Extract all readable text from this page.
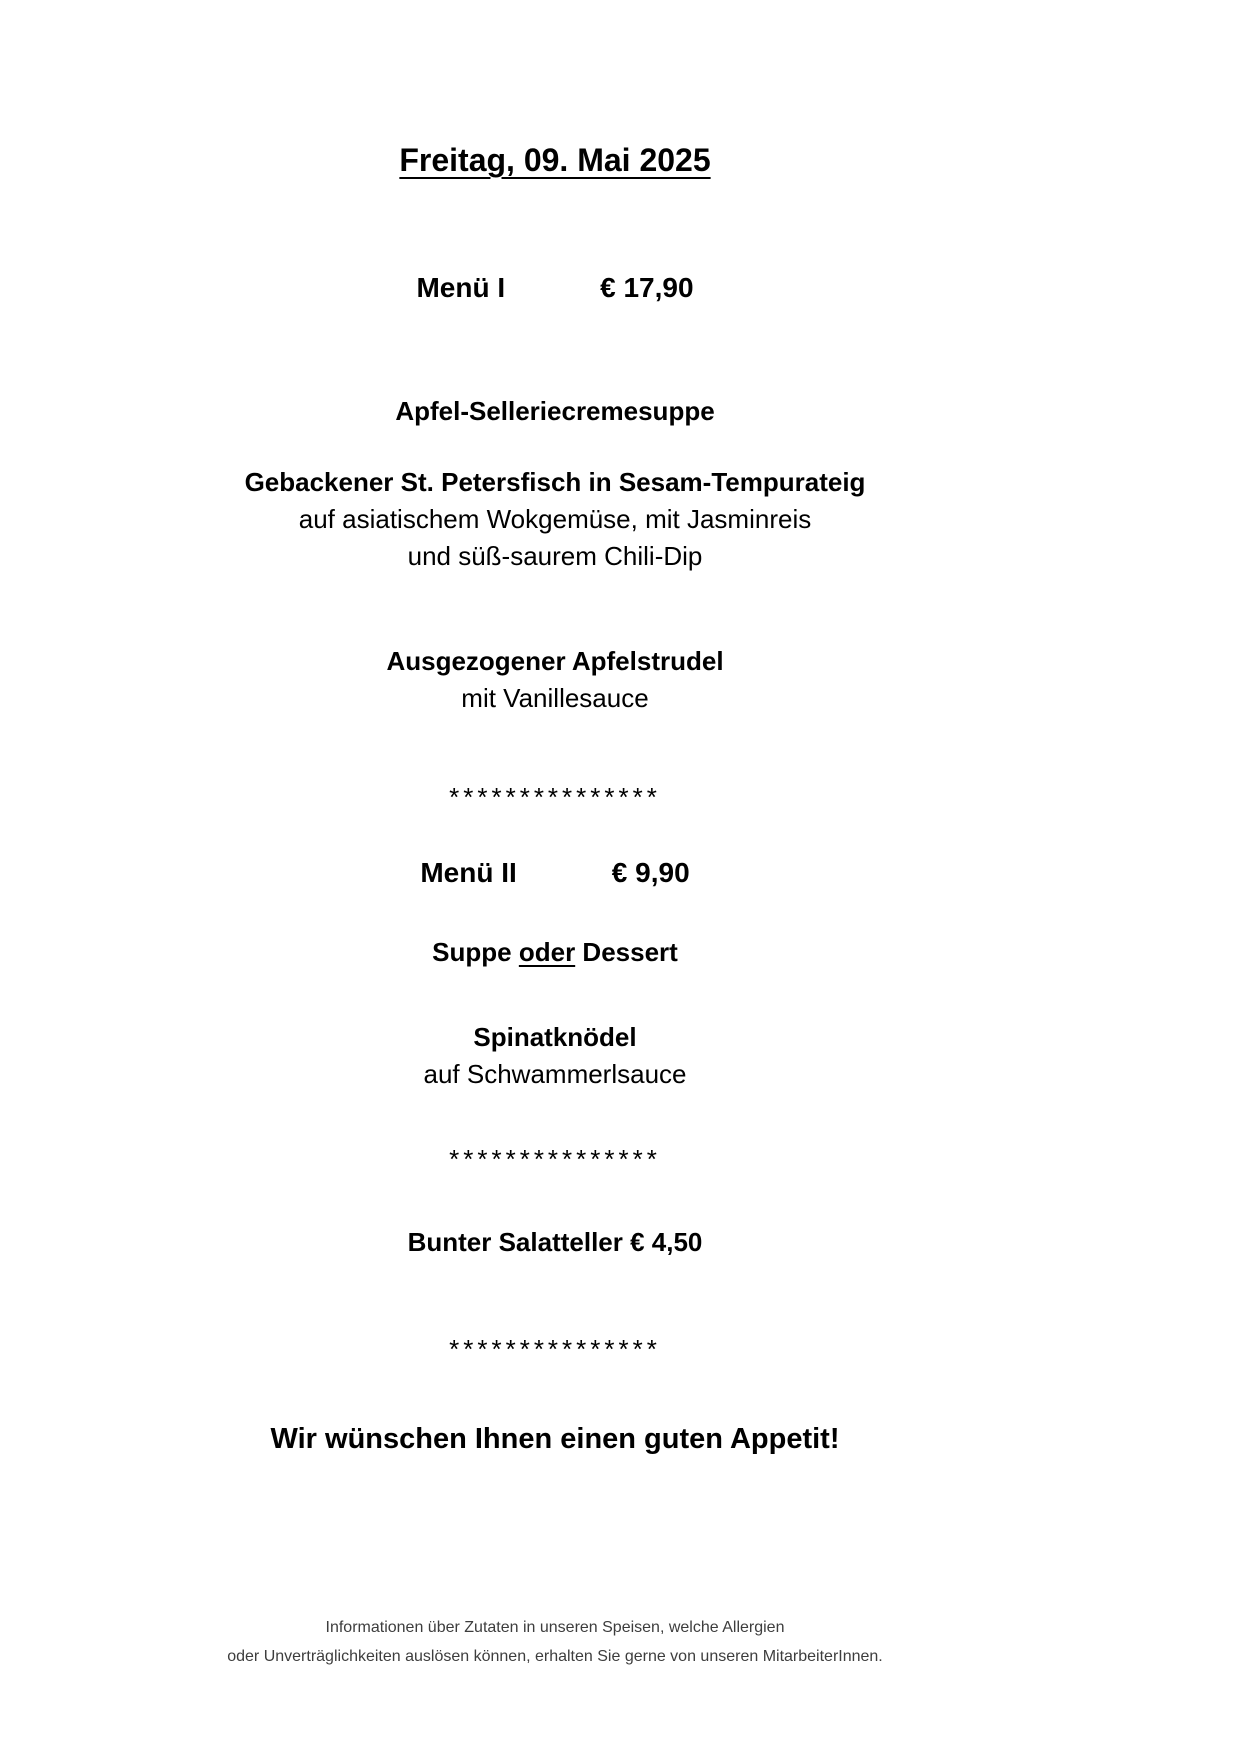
Freitag, 09. Mai 2025
Menü I	€ 17,90
Apfel-Selleriecremesuppe
Gebackener St. Petersfisch in Sesam-Tempurateig
auf asiatischem Wokgemüse, mit Jasminreis
und süß-saurem Chili-Dip
Ausgezogener Apfelstrudel
mit Vanillesauce
***************
Menü II	€ 9,90
Suppe oder Dessert
Spinatknödel
auf Schwammerlsauce
***************
Bunter Salatteller € 4,50
***************
Wir wünschen Ihnen einen guten Appetit!
Informationen über Zutaten in unseren Speisen, welche Allergien
oder Unverträglichkeiten auslösen können, erhalten Sie gerne von unseren MitarbeiterInnen.
